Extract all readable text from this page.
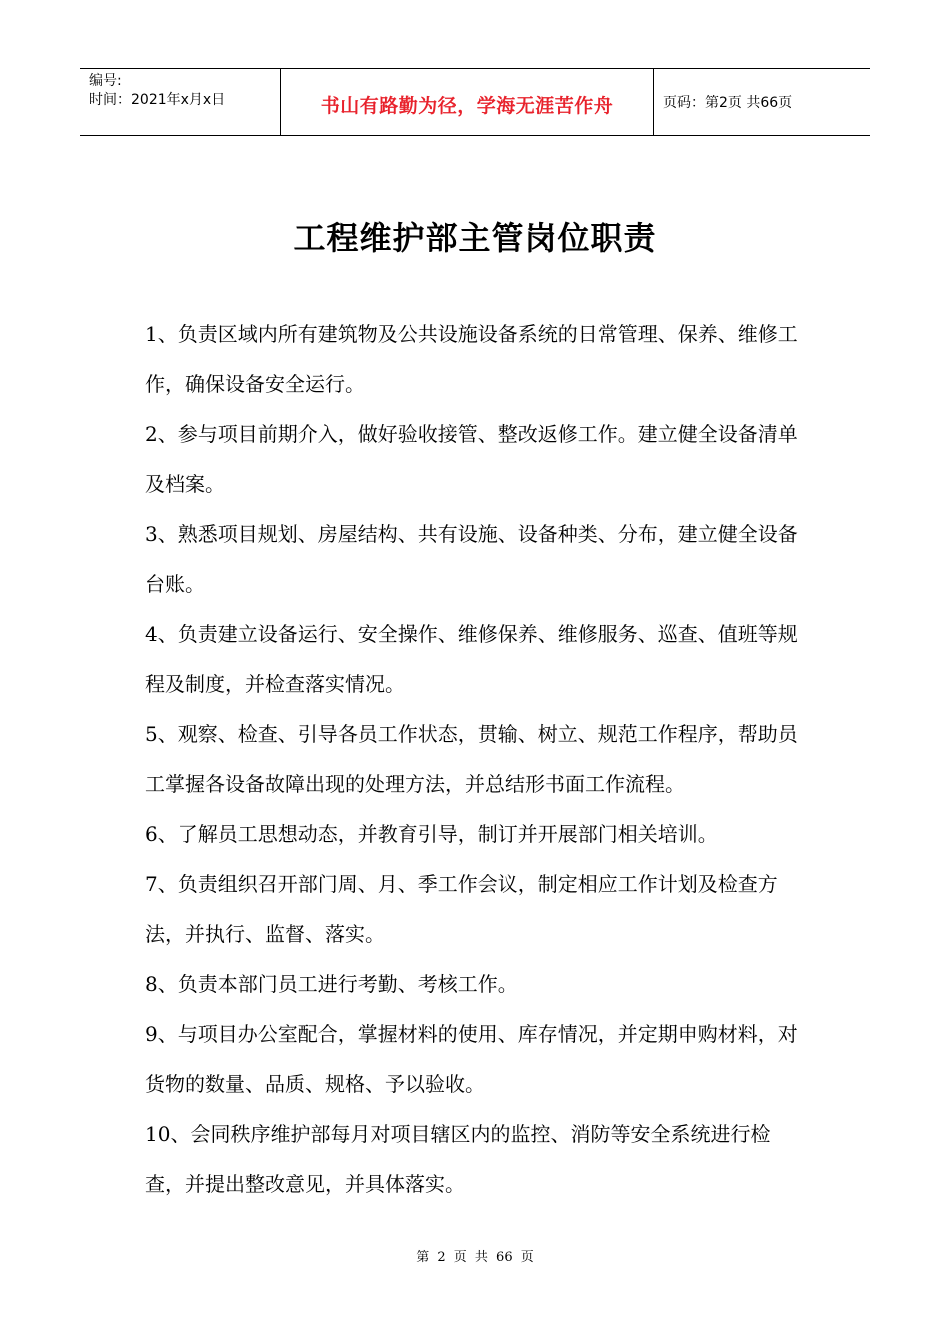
编号:
时间：2021年x月x日	书山有路勤为径，学海无涯苦作舟	页码：第2页 共66页
工程维护部主管岗位职责

1、负责区域内所有建筑物及公共设施设备系统的日常管理、保养、维修工作，确保设备安全运行。

2、参与项目前期介入，做好验收接管、整改返修工作。建立健全设备清单及档案。

3、熟悉项目规划、房屋结构、共有设施、设备种类、分布，建立健全设备台账。

4、负责建立设备运行、安全操作、维修保养、维修服务、巡查、值班等规程及制度，并检查落实情况。

5、观察、检查、引导各员工作状态，贯输、树立、规范工作程序，帮助员工掌握各设备故障出现的处理方法，并总结形书面工作流程。

6、了解员工思想动态，并教育引导，制订并开展部门相关培训。

7、负责组织召开部门周、月、季工作会议，制定相应工作计划及检查方法，并执行、监督、落实。

8、负责本部门员工进行考勤、考核工作。

9、与项目办公室配合，掌握材料的使用、库存情况，并定期申购材料，对货物的数量、品质、规格、予以验收。

10、会同秩序维护部每月对项目辖区内的监控、消防等安全系统进行检查，并提出整改意见，并具体落实。

第 2 页 共 66 页
